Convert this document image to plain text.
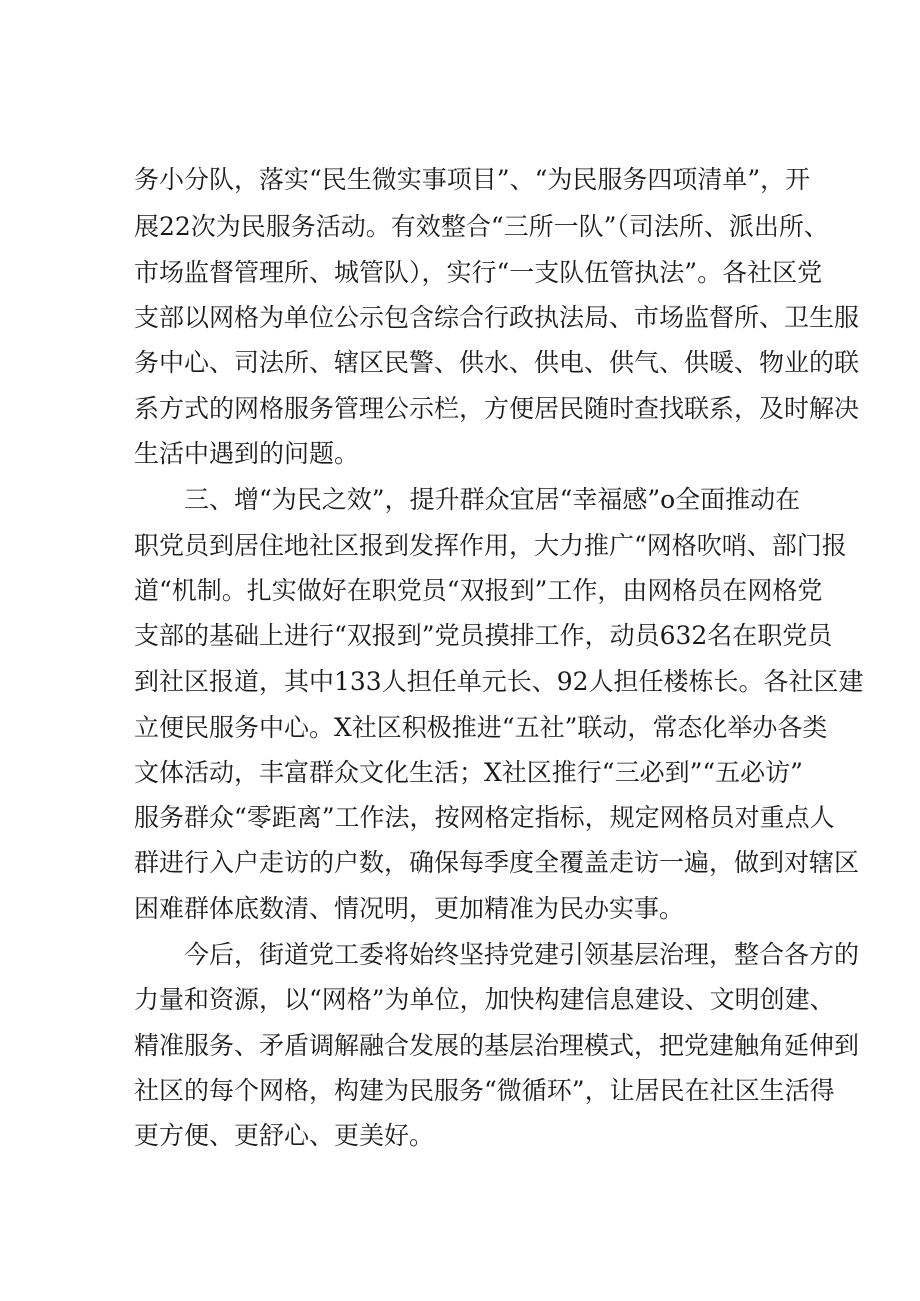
务小分队，落实“民生微实事项目”、“为民服务四项清单”，开
展22次为民服务活动。有效整合“三所一队”（司法所、派出所、
市场监督管理所、城管队），实行“一支队伍管执法”。各社区党
支部以网格为单位公示包含综合行政执法局、市场监督所、卫生服
务中心、司法所、辖区民警、供水、供电、供气、供暖、物业的联
系方式的网格服务管理公示栏，方便居民随时查找联系，及时解决
生活中遇到的问题。
三、增“为民之效”，提升群众宜居“幸福感”o全面推动在
职党员到居住地社区报到发挥作用，大力推广“网格吹哨、部门报
道“机制。扎实做好在职党员“双报到”工作，由网格员在网格党
支部的基础上进行“双报到”党员摸排工作，动员632名在职党员
到社区报道，其中133人担任单元长、92人担任楼栋长。各社区建
立便民服务中心。X社区积极推进“五社”联动，常态化举办各类
文体活动，丰富群众文化生活；X社区推行“三必到”“五必访”
服务群众“零距离”工作法，按网格定指标，规定网格员对重点人
群进行入户走访的户数，确保每季度全覆盖走访一遍，做到对辖区
困难群体底数清、情况明，更加精准为民办实事。
今后，街道党工委将始终坚持党建引领基层治理，整合各方的
力量和资源，以“网格”为单位，加快构建信息建设、文明创建、
精准服务、矛盾调解融合发展的基层治理模式，把党建触角延伸到
社区的每个网格，构建为民服务“微循环”，让居民在社区生活得
更方便、更舒心、更美好。
